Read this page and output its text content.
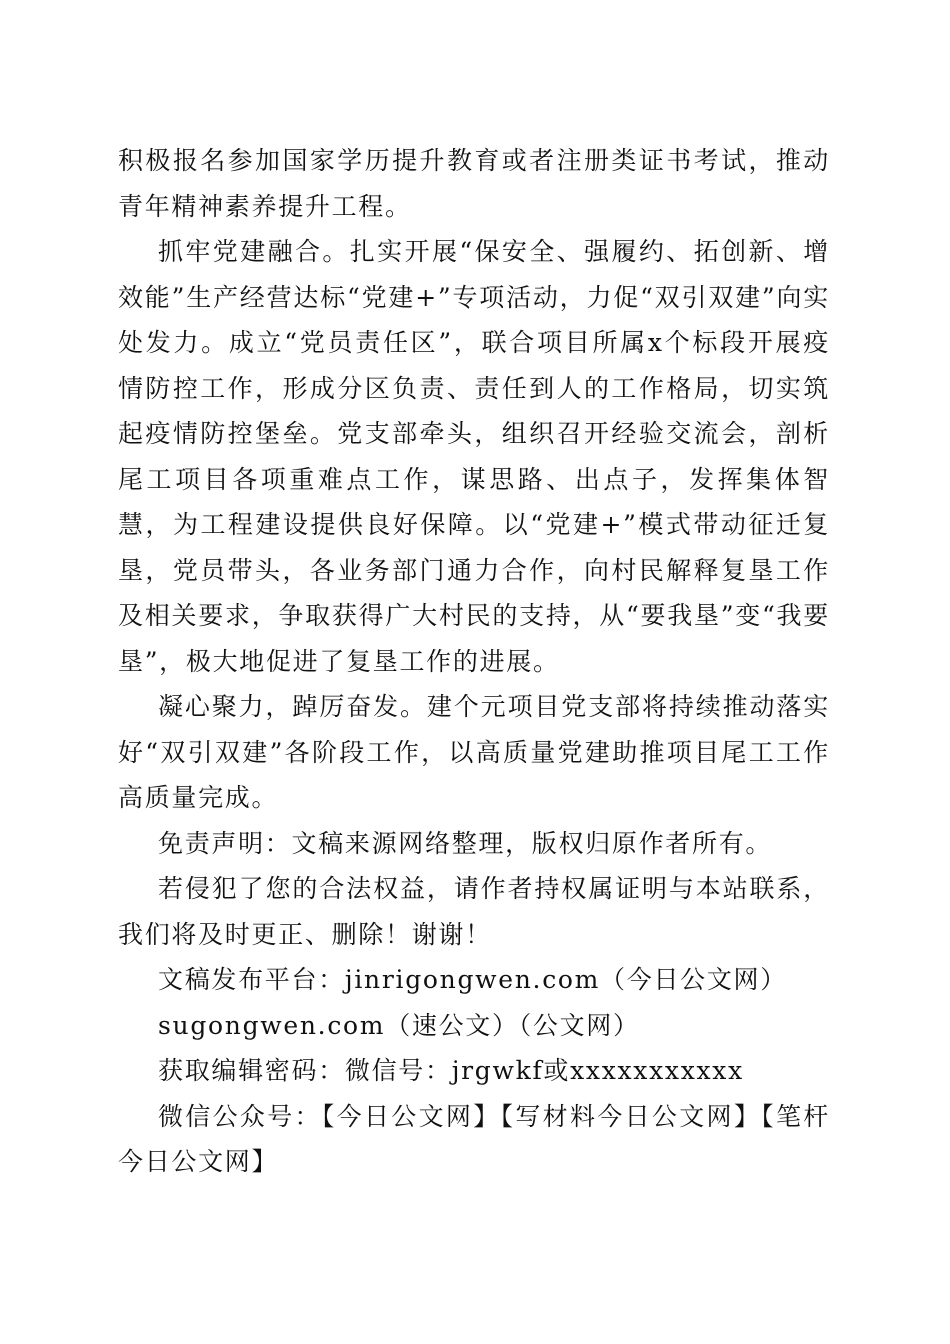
积极报名参加国家学历提升教育或者注册类证书考试，推动青年精神素养提升工程。

抓牢党建融合。扎实开展“保安全、强履约、拓创新、增效能”生产经营达标“党建+”专项活动，力促“双引双建”向实处发力。成立“党员责任区”，联合项目所属x个标段开展疫情防控工作，形成分区负责、责任到人的工作格局，切实筑起疫情防控堡垒。党支部牵头，组织召开经验交流会，剖析尾工项目各项重难点工作，谋思路、出点子，发挥集体智慧，为工程建设提供良好保障。以“党建+”模式带动征迁复垦，党员带头，各业务部门通力合作，向村民解释复垦工作及相关要求，争取获得广大村民的支持，从“要我垦”变“我要垦”，极大地促进了复垦工作的进展。

凝心聚力，踔厉奋发。建个元项目党支部将持续推动落实好“双引双建”各阶段工作，以高质量党建助推项目尾工工作高质量完成。

免责声明：文稿来源网络整理，版权归原作者所有。

若侵犯了您的合法权益，请作者持权属证明与本站联系，我们将及时更正、删除！谢谢！

文稿发布平台：jinrigongwen.com（今日公文网）

sugongwen.com（速公文）（公文网）

获取编辑密码：微信号：jrgwkf或xxxxxxxxxxx

微信公众号：【今日公文网】【写材料今日公文网】【笔杆今日公文网】
